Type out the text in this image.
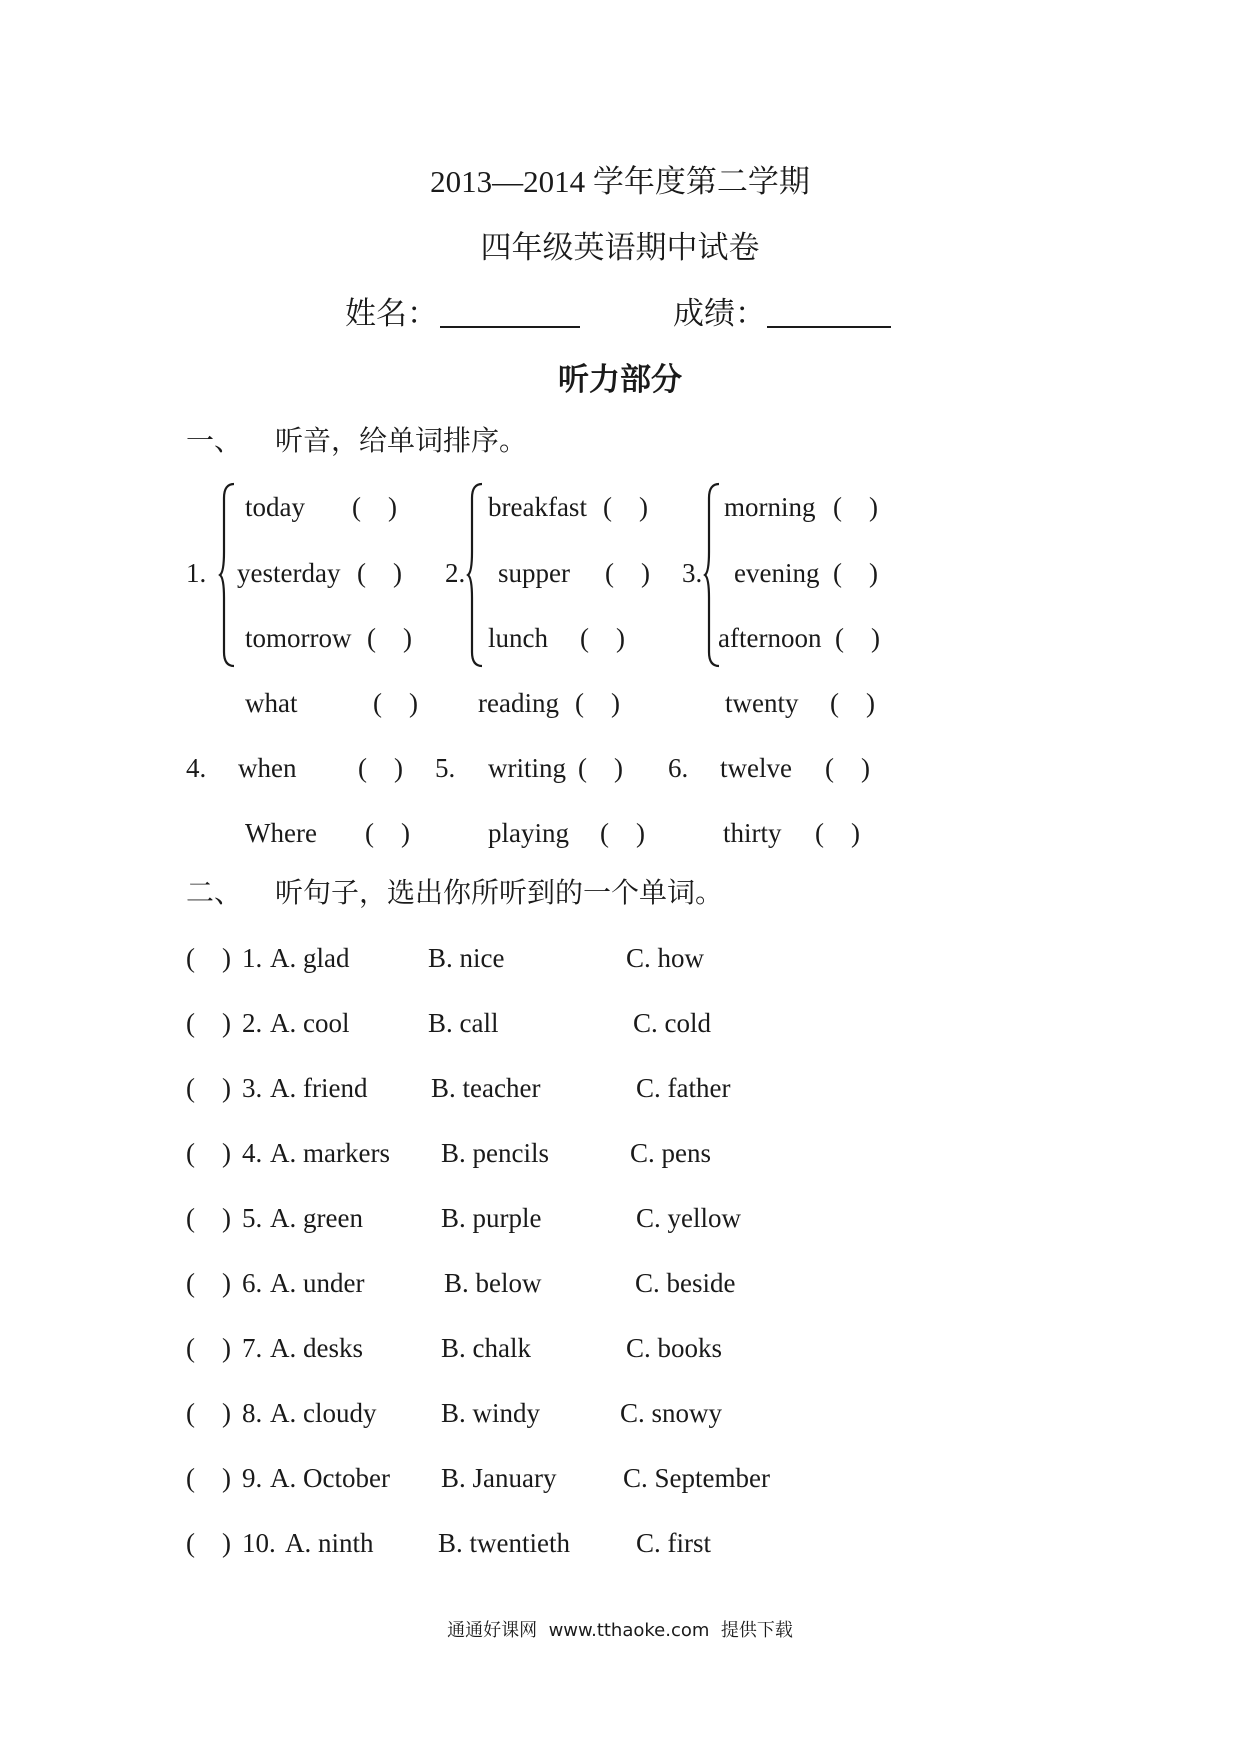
2013—2014 学年度第二学期
四年级英语期中试卷
姓名：	成绩：
听力部分
一、 听音，给单词排序。
1.
today (    )
yesterday (    )
tomorrow (    )
2.
breakfast (    )
supper (    )
lunch (    )
3.
morning (    )
evening (    )
afternoon (    )
4.
what	(    )
when (    )
Where (    )
5.
reading (    )
writing (    )
playing (    )
6.
twenty (    )
twelve (    )
thirty (    )
二、 听句子，选出你所听到的一个单词。
(    ) 1. A. glad	B. nice	C. how
(    ) 2. A. cool	B. call	C. cold
(    ) 3. A. friend B. teacher	C. father
(    ) 4. A. markers B. pencils	C. pens
(    ) 5. A. green	B. purple	C. yellow
(    ) 6. A. under	B. below	C. beside
(    ) 7. A. desks	B. chalk	C. books
(    ) 8. A. cloudy B. windy	C. snowy
(    ) 9. A. October B. January C. September
(    ) 10. A. ninth B. twentieth C. first
通通好课网  www.tthaoke.com  提供下载
